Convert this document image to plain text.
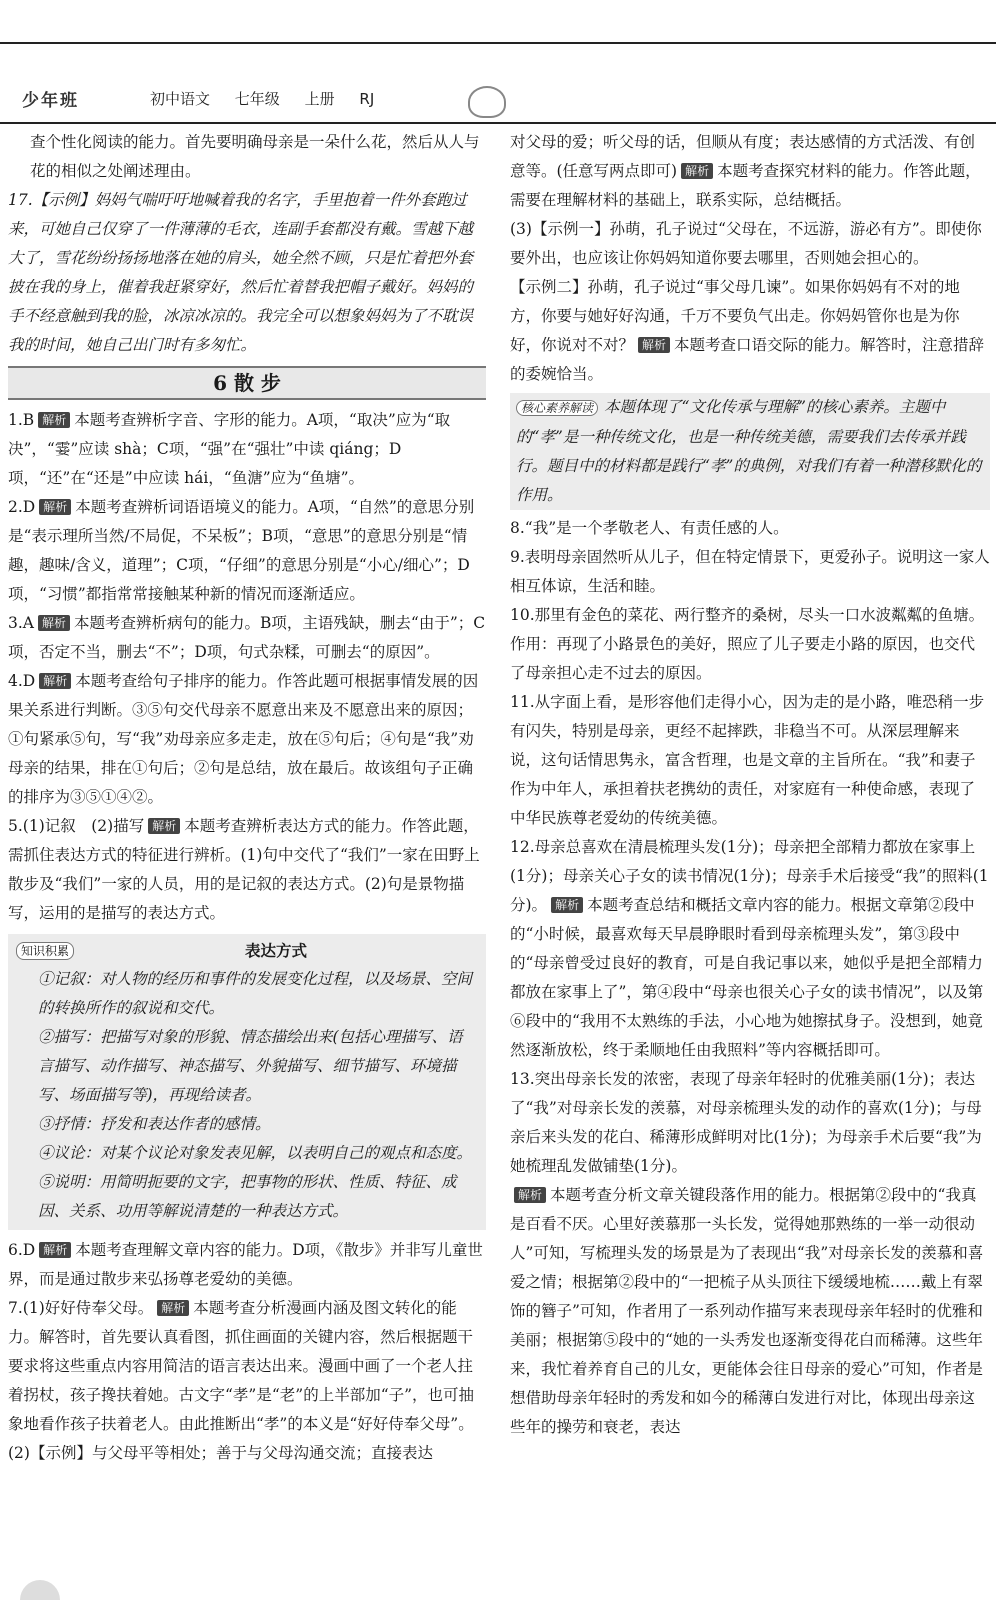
少年班	初中语文 七年级 上册 RJ

查个性化阅读的能力。首先要明确母亲是一朵什么花，然后从人与花的相似之处阐述理由。

17.【示例】妈妈气喘吁吁地喊着我的名字，手里抱着一件外套跑过来，可她自己仅穿了一件薄薄的毛衣，连副手套都没有戴。雪越下越大了，雪花纷纷扬扬地落在她的肩头，她全然不顾，只是忙着把外套披在我的身上，催着我赶紧穿好，然后忙着替我把帽子戴好。妈妈的手不经意触到我的脸，冰凉冰凉的。我完全可以想象妈妈为了不耽误我的时间，她自己出门时有多匆忙。

6 散 步

1.B 解析 本题考查辨析字音、字形的能力。A项，“取决”应为“取决”，“霎”应读 shà；C项，“强”在“强壮”中读 qiáng；D项，“还”在“还是”中应读 hái，“鱼溏”应为“鱼塘”。

2.D 解析 本题考查辨析词语语境义的能力。A项，“自然”的意思分别是“表示理所当然/不局促，不呆板”；B项，“意思”的意思分别是“情趣，趣味/含义，道理”；C项，“仔细”的意思分别是“小心/细心”；D项，“习惯”都指常常接触某种新的情况而逐渐适应。

3.A 解析 本题考查辨析病句的能力。B项，主语残缺，删去“由于”；C项，否定不当，删去“不”；D项，句式杂糅，可删去“的原因”。

4.D 解析 本题考查给句子排序的能力。作答此题可根据事情发展的因果关系进行判断。③⑤句交代母亲不愿意出来及不愿意出来的原因；①句紧承⑤句，写“我”劝母亲应多走走，放在⑤句后；④句是“我”劝母亲的结果，排在①句后；②句是总结，放在最后。故该组句子正确的排序为③⑤①④②。

5.(1)记叙　(2)描写 解析 本题考查辨析表达方式的能力。作答此题，需抓住表达方式的特征进行辨析。(1)句中交代了“我们”一家在田野上散步及“我们”一家的人员，用的是记叙的表达方式。(2)句是景物描写，运用的是描写的表达方式。

知识积累	表达方式

①记叙：对人物的经历和事件的发展变化过程，以及场景、空间的转换所作的叙说和交代。

②描写：把描写对象的形貌、情态描绘出来(包括心理描写、语言描写、动作描写、神态描写、外貌描写、细节描写、环境描写、场面描写等)，再现给读者。

③抒情：抒发和表达作者的感情。

④议论：对某个议论对象发表见解，以表明自己的观点和态度。

⑤说明：用简明扼要的文字，把事物的形状、性质、特征、成因、关系、功用等解说清楚的一种表达方式。

6.D 解析 本题考查理解文章内容的能力。D项，《散步》并非写儿童世界，而是通过散步来弘扬尊老爱幼的美德。

7.(1)好好侍奉父母。 解析 本题考查分析漫画内涵及图文转化的能力。解答时，首先要认真看图，抓住画面的关键内容，然后根据题干要求将这些重点内容用简洁的语言表达出来。漫画中画了一个老人拄着拐杖，孩子搀扶着她。古文字“孝”是“老”的上半部加“子”，也可抽象地看作孩子扶着老人。由此推断出“孝”的本义是“好好侍奉父母”。

(2)【示例】与父母平等相处；善于与父母沟通交流；直接表达

对父母的爱；听父母的话，但顺从有度；表达感情的方式活泼、有创意等。(任意写两点即可) 解析 本题考查探究材料的能力。作答此题，需要在理解材料的基础上，联系实际，总结概括。

(3)【示例一】孙萌，孔子说过“父母在，不远游，游必有方”。即使你要外出，也应该让你妈妈知道你要去哪里，否则她会担心的。

【示例二】孙萌，孔子说过“事父母几谏”。如果你妈妈有不对的地方，你要与她好好沟通，千万不要负气出走。你妈妈管你也是为你好，你说对不对？ 解析 本题考查口语交际的能力。解答时，注意措辞的委婉恰当。

核心素养解读 本题体现了“文化传承与理解”的核心素养。主题中的“孝”是一种传统文化，也是一种传统美德，需要我们去传承并践行。题目中的材料都是践行“孝”的典例，对我们有着一种潜移默化的作用。

8.“我”是一个孝敬老人、有责任感的人。

9.表明母亲固然听从儿子，但在特定情景下，更爱孙子。说明这一家人相互体谅，生活和睦。

10.那里有金色的菜花、两行整齐的桑树，尽头一口水波粼粼的鱼塘。作用：再现了小路景色的美好，照应了儿子要走小路的原因，也交代了母亲担心走不过去的原因。

11.从字面上看，是形容他们走得小心，因为走的是小路，唯恐稍一步有闪失，特别是母亲，更经不起摔跌，非稳当不可。从深层理解来说，这句话情思隽永，富含哲理，也是文章的主旨所在。“我”和妻子作为中年人，承担着扶老携幼的责任，对家庭有一种使命感，表现了中华民族尊老爱幼的传统美德。

12.母亲总喜欢在清晨梳理头发(1分)；母亲把全部精力都放在家事上(1分)；母亲关心子女的读书情况(1分)；母亲手术后接受“我”的照料(1分)。 解析 本题考查总结和概括文章内容的能力。根据文章第②段中的“小时候，最喜欢每天早晨睁眼时看到母亲梳理头发”，第③段中的“母亲曾受过良好的教育，可是自我记事以来，她似乎是把全部精力都放在家事上了”，第④段中“母亲也很关心子女的读书情况”，以及第⑥段中的“我用不太熟练的手法，小心地为她擦拭身子。没想到，她竟然逐渐放松，终于柔顺地任由我照料”等内容概括即可。

13.突出母亲长发的浓密，表现了母亲年轻时的优雅美丽(1分)；表达了“我”对母亲长发的羡慕，对母亲梳理头发的动作的喜欢(1分)；与母亲后来头发的花白、稀薄形成鲜明对比(1分)；为母亲手术后要“我”为她梳理乱发做铺垫(1分)。

解析 本题考查分析文章关键段落作用的能力。根据第②段中的“我真是百看不厌。心里好羡慕那一头长发，觉得她那熟练的一举一动很动人”可知，写梳理头发的场景是为了表现出“我”对母亲长发的羡慕和喜爱之情；根据第②段中的“一把梳子从头顶往下缓缓地梳……戴上有翠饰的簪子”可知，作者用了一系列动作描写来表现母亲年轻时的优雅和美丽；根据第⑤段中的“她的一头秀发也逐渐变得花白而稀薄。这些年来，我忙着养育自己的儿女，更能体会往日母亲的爱心”可知，作者是想借助母亲年轻时的秀发和如今的稀薄白发进行对比，体现出母亲这些年的操劳和衰老，表达
